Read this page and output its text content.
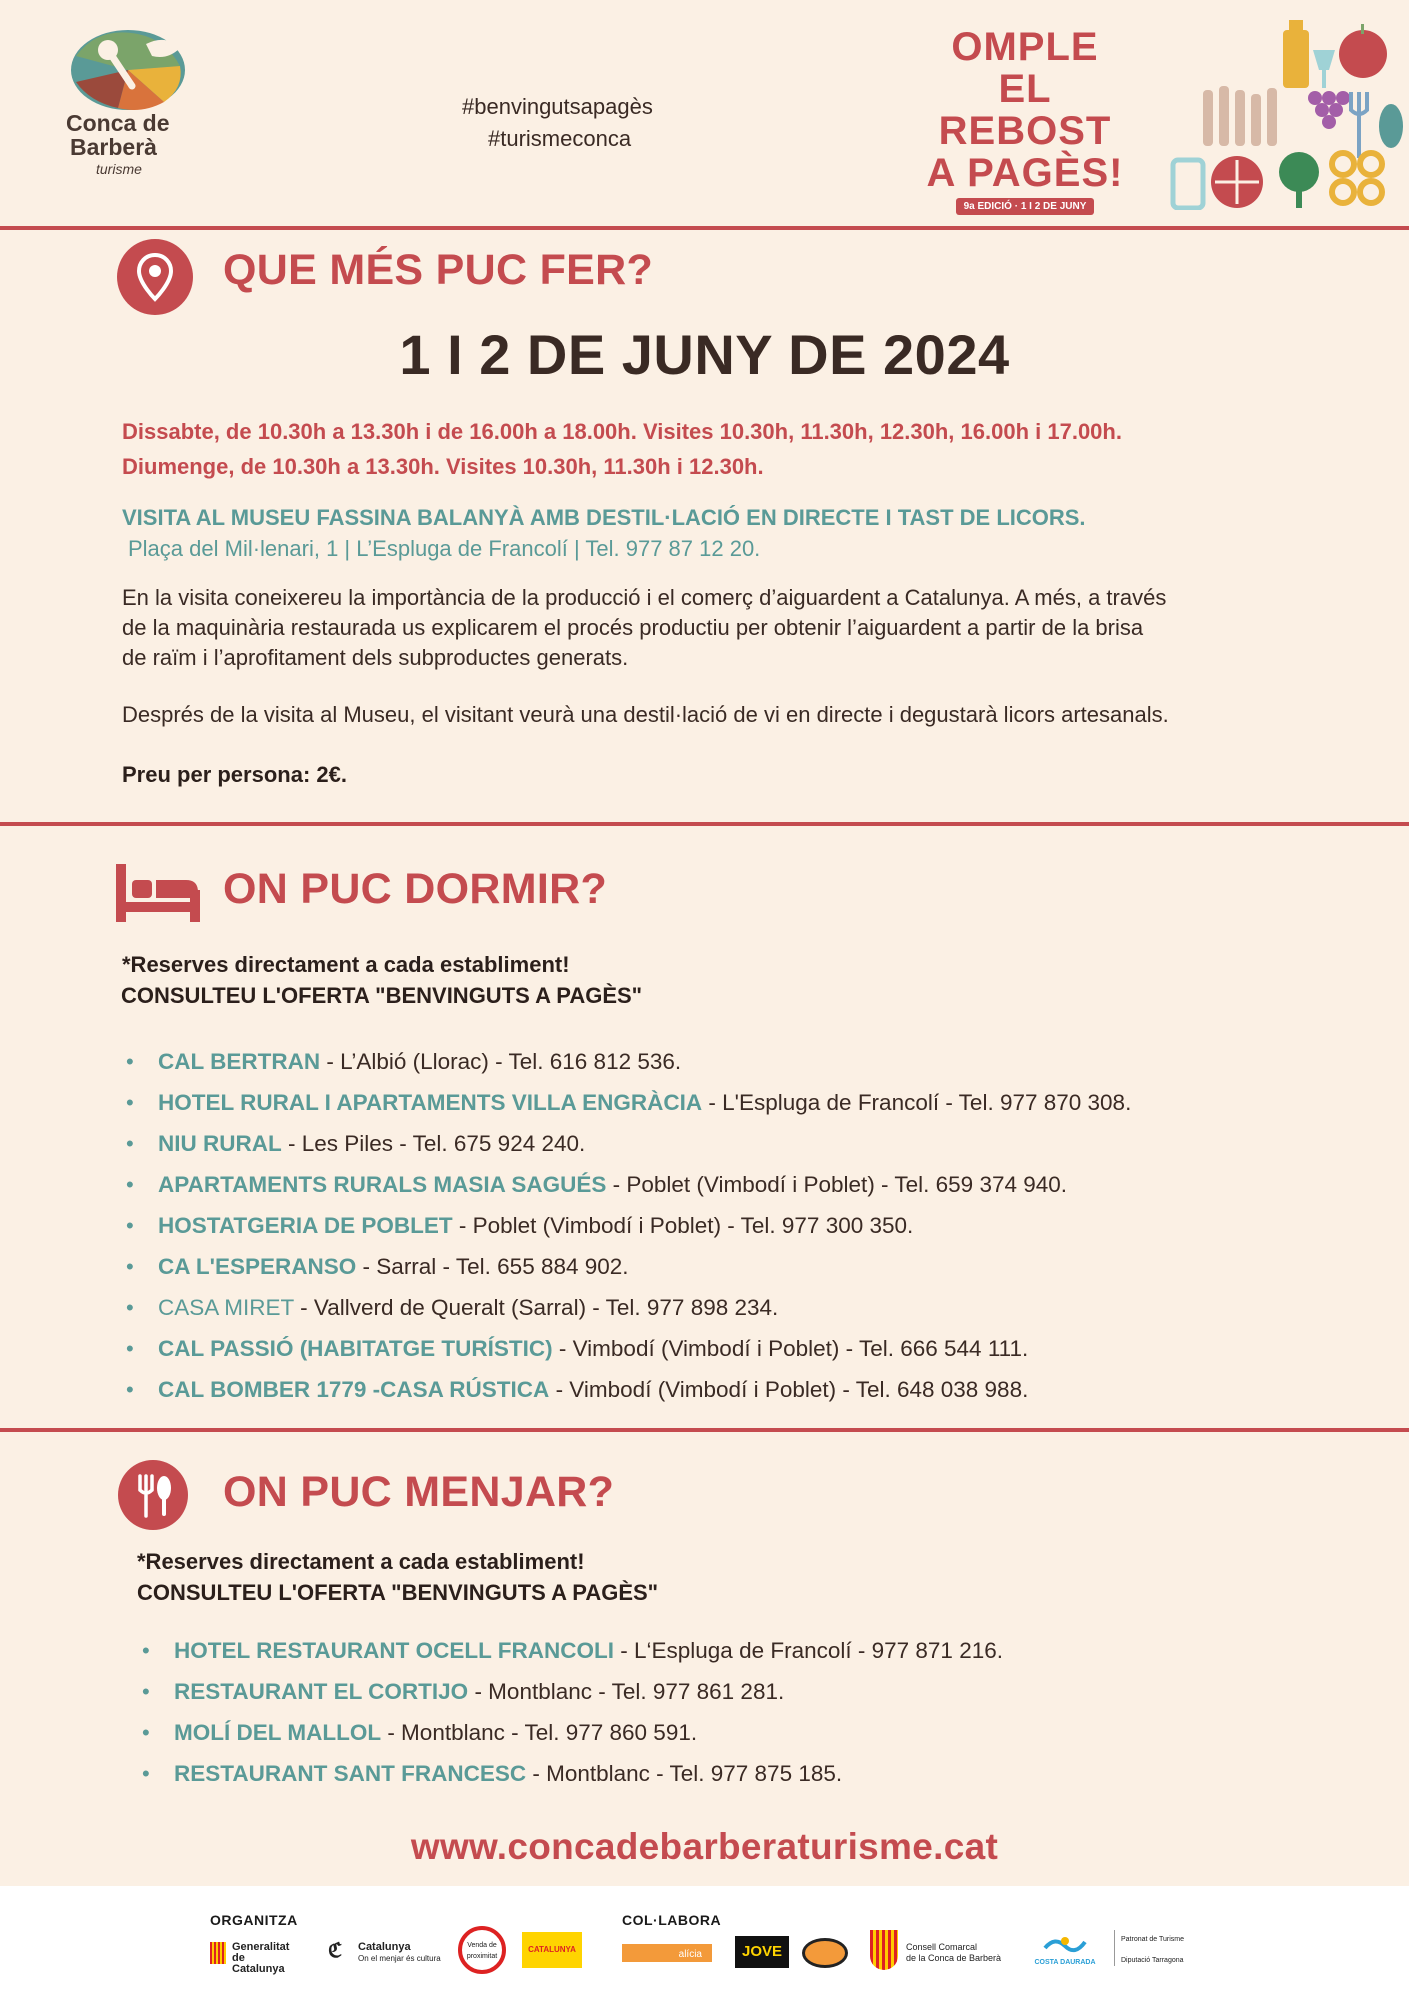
Conca de
Barberà
turisme
#benvingutsapagès
#turismeconca
OMPLE
EL REBOST
A PAGÈS!
9a EDICIÓ · 1 I 2 DE JUNY
QUE MÉS PUC FER?
1 I 2 DE JUNY DE 2024
Dissabte, de 10.30h a 13.30h i de 16.00h a 18.00h. Visites 10.30h, 11.30h, 12.30h, 16.00h i 17.00h.
Diumenge, de 10.30h a 13.30h. Visites 10.30h, 11.30h i 12.30h.
VISITA AL MUSEU FASSINA BALANYÀ AMB DESTIL·LACIÓ EN DIRECTE I TAST DE LICORS.
Plaça del Mil·lenari, 1 | L’Espluga de Francolí | Tel. 977 87 12 20.
En la visita coneixereu la importància de la producció i el comerç d’aiguardent a Catalunya. A més, a través
de la maquinària restaurada us explicarem el procés productiu per obtenir l’aiguardent a partir de la brisa
de raïm i l’aprofitament dels subproductes generats.
Després de la visita al Museu, el visitant veurà una destil·lació de vi en directe i degustarà licors artesanals.
Preu per persona: 2€.
ON PUC DORMIR?
*Reserves directament a cada establiment!
CONSULTEU L'OFERTA "BENVINGUTS A PAGÈS"
• CAL BERTRAN - L’Albió (Llorac) - Tel. 616 812 536.
• HOTEL RURAL I APARTAMENTS VILLA ENGRÀCIA - L'Espluga de Francolí - Tel. 977 870 308.
• NIU RURAL - Les Piles - Tel. 675 924 240.
• APARTAMENTS RURALS MASIA SAGUÉS - Poblet (Vimbodí i Poblet) - Tel. 659 374 940.
• HOSTATGERIA DE POBLET - Poblet (Vimbodí i Poblet) - Tel. 977 300 350.
• CA L'ESPERANSO - Sarral - Tel. 655 884 902.
• CASA MIRET - Vallverd de Queralt (Sarral) - Tel. 977 898 234.
• CAL PASSIÓ (HABITATGE TURÍSTIC) - Vimbodí (Vimbodí i Poblet) - Tel. 666 544 111.
• CAL BOMBER 1779 -CASA RÚSTICA - Vimbodí (Vimbodí i Poblet) - Tel. 648 038 988.
ON PUC MENJAR?
*Reserves directament a cada establiment!
CONSULTEU L'OFERTA "BENVINGUTS A PAGÈS"
• HOTEL RESTAURANT OCELL FRANCOLI - L‘Espluga de Francolí - 977 871 216.
• RESTAURANT EL CORTIJO - Montblanc - Tel. 977 861 281.
• MOLÍ DEL MALLOL - Montblanc - Tel. 977 860 591.
• RESTAURANT SANT FRANCESC - Montblanc - Tel. 977 875 185.
www.concadebarberaturisme.cat
ORGANITZA	COL·LABORA
Generalitat
de Catalunya
ℭ Catalunya
On el menjar és cultura
Venda de
proximitat
CATALUNYA	alícia	JOVE	Consell Comarcal
de la Conca de Barberà	COSTA DAURADA
Patronat de Turisme
Diputació Tarragona
